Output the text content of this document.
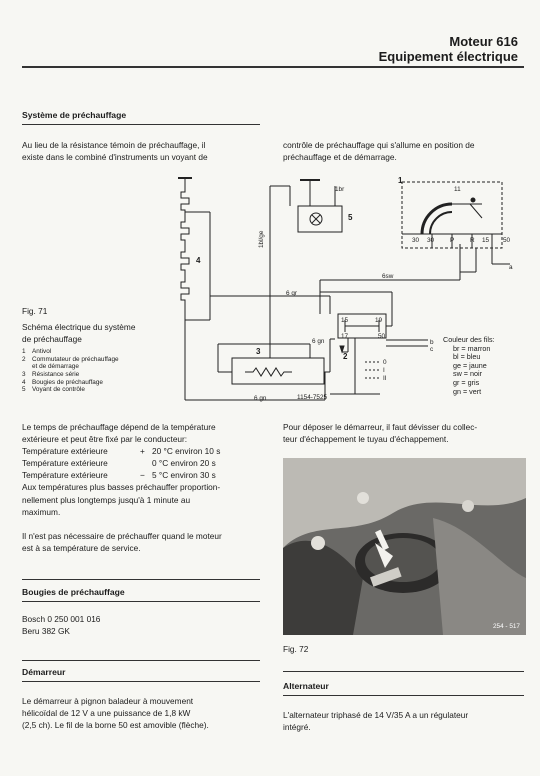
Moteur 616
Equipement électrique
Système de préchauffage
Au lieu de la résistance témoin de préchauffage, il
existe dans le combiné d'instruments un voyant de
contrôle de préchauffage qui s'allume en position de
préchauffage et de démarrage.
Fig. 71
Schéma électrique du système
de préchauffage
1 Antivol
2 Commutateur de préchauffage
et de démarrage
3 Résistance série
4 Bougies de préchauffage
5 Voyant de contrôle
4
5
1
3
2
1br
1bl/ge
6sw
6 gr
6 gn
6 gn
30 30 P R 15 50
11
15	19
17	50
a
b
c
0
I
II
1154-7525
Couleur des fils:
br = marron
bl = bleu
ge = jaune
sw = noir
gr = gris
gn = vert
Le temps de préchauffage dépend de la température
extérieure et peut être fixé par le conducteur:
Température extérieure	+ 20 °C environ 10 s
Température extérieure	0 °C environ 20 s
Température extérieure	− 5 °C environ 30 s
Aux températures plus basses préchauffer proportion-
nellement plus longtemps jusqu'à 1 minute au
maximum.
Il n'est pas nécessaire de préchauffer quand le moteur
est à sa température de service.
Pour déposer le démarreur, il faut dévisser du collec-
teur d'échappement le tuyau d'échappement.
254 - 517
Fig. 72
Bougies de préchauffage
Bosch 0 250 001 016
Beru 382 GK
Démarreur
Le démarreur à pignon baladeur à mouvement
hélicoïdal de 12 V a une puissance de 1,8 kW
(2,5 ch). Le fil de la borne 50 est amovible (flèche).
Alternateur
L'alternateur triphasé de 14 V/35 A a un régulateur
intégré.
